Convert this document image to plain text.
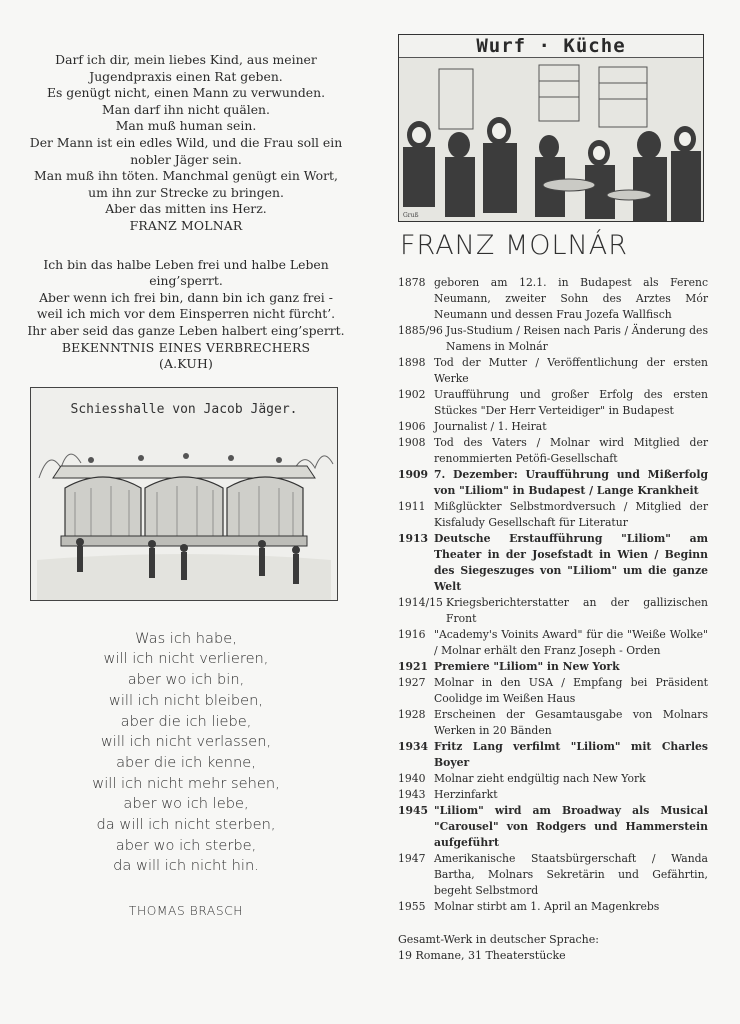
Darf ich dir, mein liebes Kind, aus meiner
Jugendpraxis einen Rat geben.
Es genügt nicht, einen Mann zu verwunden.
Man darf ihn nicht quälen.
Man muß human sein.
Der Mann ist ein edles Wild, und die Frau soll ein
nobler Jäger sein.
Man muß ihn töten. Manchmal genügt ein Wort,
um ihn zur Strecke zu bringen.
Aber das mitten ins Herz.
FRANZ MOLNAR
Ich bin das halbe Leben frei und halbe Leben
eing’sperrt.
Aber wenn ich frei bin, dann bin ich ganz frei -
weil ich mich vor dem Einsperren nicht fürcht’.
Ihr aber seid das ganze Leben halbert eing’sperrt.
BEKENNTNIS EINES VERBRECHERS
(A.KUH)
Schiesshalle von Jacob Jäger.
Was ich habe,
will ich nicht verlieren,
aber wo ich bin,
will ich nicht bleiben,
aber die ich liebe,
will ich nicht verlassen,
aber die ich kenne,
will ich nicht mehr sehen,
aber wo ich lebe,
da will ich nicht sterben,
aber wo ich sterbe,
da will ich nicht hin.
THOMAS BRASCH
Wurf · Küche
Gruß
FRANZ MOLNÁR
1878 geboren am 12.1. in Budapest als Ferenc Neumann, zweiter Sohn des Arztes Mór Neumann und dessen Frau Jozefa Wallfisch
1885/96 Jus-Studium / Reisen nach Paris / Änderung des Namens in Molnár
1898 Tod der Mutter / Veröffentlichung der ersten Werke
1902 Uraufführung und großer Erfolg des ersten Stückes "Der Herr Verteidiger" in Budapest
1906 Journalist / 1. Heirat
1908 Tod des Vaters / Molnar wird Mitglied der renommierten Petöfi-Gesellschaft
1909 7. Dezember: Uraufführung und Mißerfolg von "Liliom" in Budapest / Lange Krankheit
1911 Mißglückter Selbstmordversuch / Mitglied der Kisfaludy Gesellschaft für Literatur
1913 Deutsche Erstaufführung "Liliom" am Theater in der Josefstadt in Wien / Beginn des Siegeszuges von "Liliom" um die ganze Welt
1914/15 Kriegsberichterstatter an der gallizischen Front
1916 "Academy's Voinits Award" für die "Weiße Wolke" / Molnar erhält den Franz Joseph - Orden
1921 Premiere "Liliom" in New York
1927 Molnar in den USA / Empfang bei Präsident Coolidge im Weißen Haus
1928 Erscheinen der Gesamtausgabe von Molnars Werken in 20 Bänden
1934 Fritz Lang verfilmt "Liliom" mit Charles Boyer
1940 Molnar zieht endgültig nach New York
1943 Herzinfarkt
1945 "Liliom" wird am Broadway als Musical "Carousel" von Rodgers und Hammerstein aufgeführt
1947 Amerikanische Staatsbürgerschaft / Wanda Bartha, Molnars Sekretärin und Gefährtin, begeht Selbstmord
1955 Molnar stirbt am 1. April an Magenkrebs
Gesamt-Werk in deutscher Sprache:
19 Romane, 31 Theaterstücke
